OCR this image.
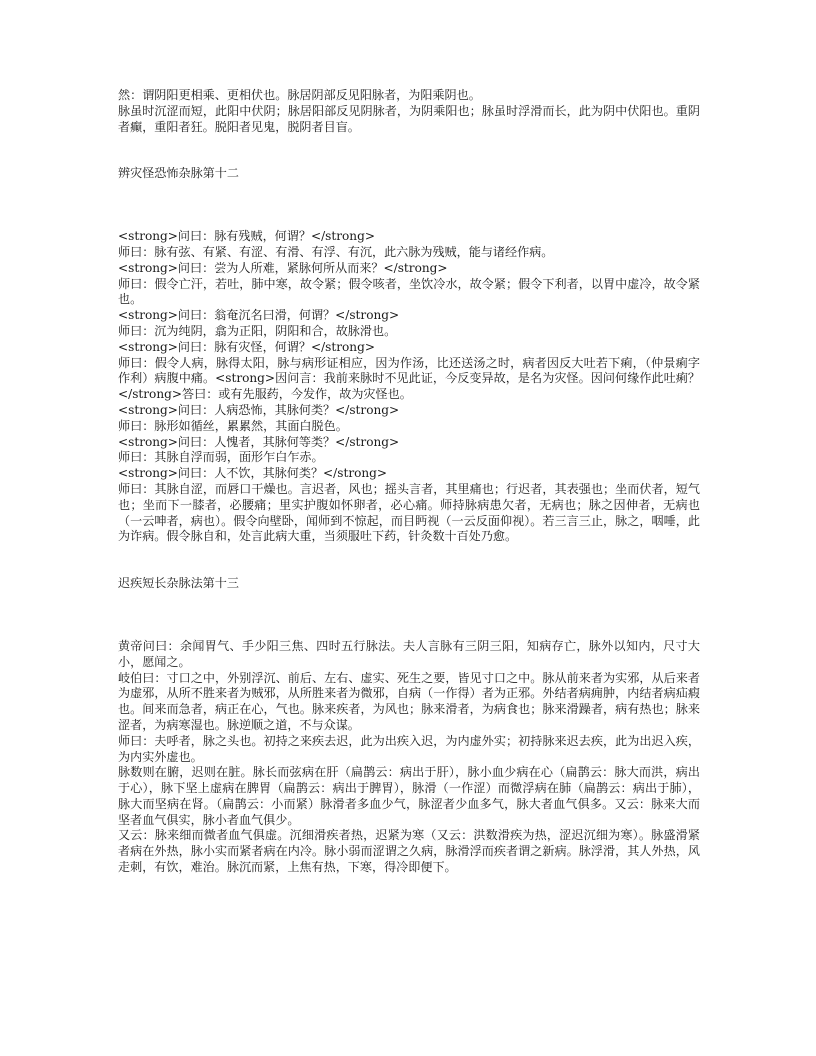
然：谓阴阳更相乘、更相伏也。脉居阴部反见阳脉者，为阳乘阴也。

脉虽时沉涩而短，此阳中伏阴；脉居阳部反见阴脉者，为阴乘阳也；脉虽时浮滑而长，此为阴中伏阳也。重阴者癫，重阳者狂。脱阳者见鬼，脱阴者目盲。

辨灾怪恐怖杂脉第十二

<strong>问曰：脉有残贼，何谓？</strong>

师曰：脉有弦、有紧、有涩、有滑、有浮、有沉，此六脉为残贼，能与诸经作病。

<strong>问曰：尝为人所难，紧脉何所从而来？</strong>

师曰：假令亡汗，若吐，肺中寒，故令紧；假令咳者，坐饮冷水，故令紧；假令下利者，以胃中虚冷，故令紧也。

<strong>问曰：翁奄沉名曰滑，何谓？</strong>

师曰：沉为纯阴，翕为正阳，阴阳和合，故脉滑也。

<strong>问曰：脉有灾怪，何谓？</strong>

师曰：假令人病，脉得太阳，脉与病形证相应，因为作汤，比还送汤之时，病者因反大吐若下痢，（仲景痢字作利）病腹中痛。<strong>因问言：我前来脉时不见此证，今反变异故，是名为灾怪。因问何缘作此吐痢？</strong>答曰：或有先服药，今发作，故为灾怪也。

<strong>问曰：人病恐怖，其脉何类？</strong>

师曰：脉形如循丝，累累然，其面白脱色。

<strong>问曰：人愧者，其脉何等类？</strong>

师曰：其脉自浮而弱，面形乍白乍赤。

<strong>问曰：人不饮，其脉何类？</strong>

师曰：其脉自涩，而唇口干燥也。言迟者，风也；摇头言者，其里痛也；行迟者，其表强也；坐而伏者，短气也；坐而下一膝者，必腰痛；里实护腹如怀卵者，必心痛。师持脉病患欠者，无病也；脉之因伸者，无病也（一云呻者，病也）。假令向壁卧，闻师到不惊起，而目眄视（一云反面仰视）。若三言三止，脉之，咽唾，此为诈病。假令脉自和，处言此病大重，当须服吐下药，针灸数十百处乃愈。

迟疾短长杂脉法第十三

黄帝问曰：余闻胃气、手少阳三焦、四时五行脉法。夫人言脉有三阴三阳，知病存亡，脉外以知内，尺寸大小，愿闻之。

岐伯曰：寸口之中，外别浮沉、前后、左右、虚实、死生之要，皆见寸口之中。脉从前来者为实邪，从后来者为虚邪，从所不胜来者为贼邪，从所胜来者为微邪，自病（一作得）者为正邪。外结者病痈肿，内结者病疝瘕也。间来而急者，病正在心，气也。脉来疾者，为风也；脉来滑者，为病食也；脉来滑躁者，病有热也；脉来涩者，为病寒湿也。脉逆顺之道，不与众谋。

师曰：夫呼者，脉之头也。初持之来疾去迟，此为出疾入迟，为内虚外实；初持脉来迟去疾，此为出迟入疾，为内实外虚也。

脉数则在腑，迟则在脏。脉长而弦病在肝（扁鹊云：病出于肝），脉小血少病在心（扁鹊云：脉大而洪，病出于心），脉下坚上虚病在脾胃（扁鹊云：病出于脾胃），脉滑（一作涩）而微浮病在肺（扁鹊云：病出于肺），脉大而坚病在肾。（扁鹊云：小而紧）脉滑者多血少气，脉涩者少血多气，脉大者血气俱多。又云：脉来大而坚者血气俱实，脉小者血气俱少。

又云：脉来细而微者血气俱虚。沉细滑疾者热，迟紧为寒（又云：洪数滑疾为热，涩迟沉细为寒）。脉盛滑紧者病在外热，脉小实而紧者病在内冷。脉小弱而涩谓之久病，脉滑浮而疾者谓之新病。脉浮滑，其人外热，风走刺，有饮，难治。脉沉而紧，上焦有热，下寒，得冷即便下。
